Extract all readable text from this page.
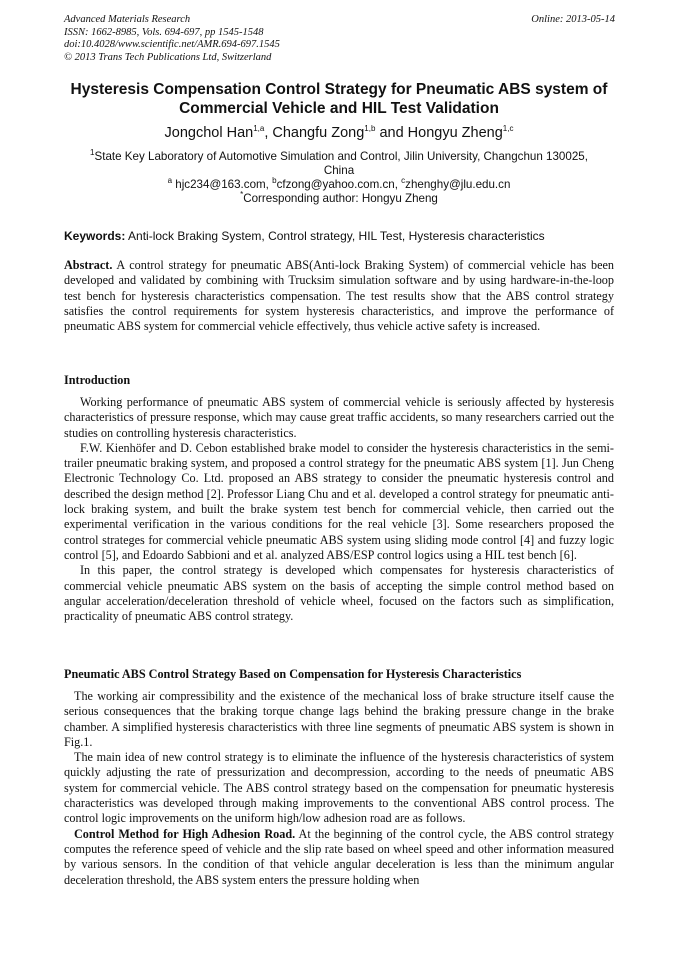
Advanced Materials Research
ISSN: 1662-8985, Vols. 694-697, pp 1545-1548
doi:10.4028/www.scientific.net/AMR.694-697.1545
© 2013 Trans Tech Publications Ltd, Switzerland
Online: 2013-05-14
Hysteresis Compensation Control Strategy for Pneumatic ABS system of
Commercial Vehicle and HIL Test Validation
Jongchol Han$^{1,a}$, Changfu Zong$^{1,b}$ and Hongyu Zheng$^{1,c}$
$^1$State Key Laboratory of Automotive Simulation and Control, Jilin University, Changchun 130025,
China
$^a$ hjc234@163.com, $^b$cfzong@yahoo.com.cn, $^c$zhenghy@jlu.edu.cn
*Corresponding author: Hongyu Zheng
Keywords: Anti-lock Braking System, Control strategy, HIL Test, Hysteresis characteristics

Abstract. A control strategy for pneumatic ABS(Anti-lock Braking System) of commercial vehicle has been developed and validated by combining with Trucksim simulation software and by using hardware-in-the-loop test bench for hysteresis characteristics compensation. The test results show that the ABS control strategy satisfies the control requirements for system hysteresis characteristics, and improve the performance of pneumatic ABS system for commercial vehicle effectively, thus vehicle active safety is increased.

Introduction

Working performance of pneumatic ABS system of commercial vehicle is seriously affected by hysteresis characteristics of pressure response, which may cause great traffic accidents, so many researchers carried out the studies on controlling hysteresis characteristics.

F.W. Kienhöfer and D. Cebon established brake model to consider the hysteresis characteristics in the semi-trailer pneumatic braking system, and proposed a control strategy for the pneumatic ABS system [1]. Jun Cheng Electronic Technology Co. Ltd. proposed an ABS strategy to consider the pneumatic hysteresis control and described the design method [2]. Professor Liang Chu and et al. developed a control strategy for pneumatic anti-lock braking system, and built the brake system test bench for commercial vehicle, then carried out the experimental verification in the various conditions for the real vehicle [3]. Some researchers proposed the control strateges for commercial vehicle pneumatic ABS system using sliding mode control [4] and fuzzy logic control [5], and Edoardo Sabbioni and et al. analyzed ABS/ESP control logics using a HIL test bench [6].

In this paper, the control strategy is developed which compensates for hysteresis characteristics of commercial vehicle pneumatic ABS system on the basis of accepting the simple control method based on angular acceleration/deceleration threshold of vehicle wheel, focused on the factors such as simplification, practicality of pneumatic ABS control strategy.

Pneumatic ABS Control Strategy Based on Compensation for Hysteresis Characteristics

The working air compressibility and the existence of the mechanical loss of brake structure itself cause the serious consequences that the braking torque change lags behind the braking pressure change in the brake chamber. A simplified hysteresis characteristics with three line segments of pneumatic ABS system is shown in Fig.1.

The main idea of new control strategy is to eliminate the influence of the hysteresis characteristics of system quickly adjusting the rate of pressurization and decompression, according to the needs of pneumatic ABS system for commercial vehicle. The ABS control strategy based on the compensation for pneumatic hysteresis characteristics was developed through making improvements to the conventional ABS control process. The control logic improvements on the uniform high/low adhesion road are as follows.

Control Method for High Adhesion Road. At the beginning of the control cycle, the ABS control strategy computes the reference speed of vehicle and the slip rate based on wheel speed and other information measured by various sensors. In the condition of that vehicle angular deceleration is less than the minimum angular deceleration threshold, the ABS system enters the pressure holding when
